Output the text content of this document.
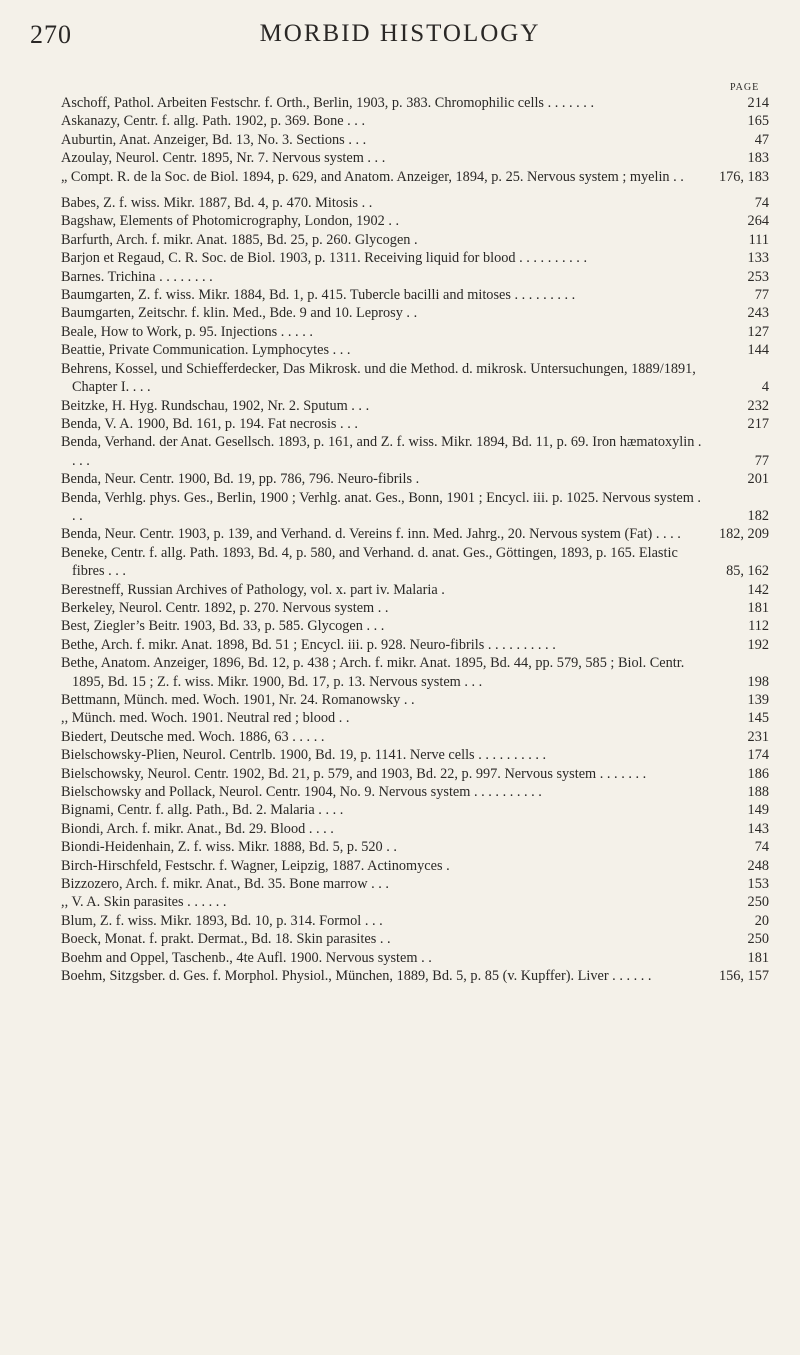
270	MORBID HISTOLOGY
PAGE
Aschoff, Pathol. Arbeiten Festschr. f. Orth., Berlin, 1903, p. 383. Chromophilic cells . . . . . . .	214
Askanazy, Centr. f. allg. Path. 1902, p. 369. Bone . . .	165
Auburtin, Anat. Anzeiger, Bd. 13, No. 3. Sections . . .	47
Azoulay, Neurol. Centr. 1895, Nr. 7. Nervous system . . .	183
„ Compt. R. de la Soc. de Biol. 1894, p. 629, and Anatom. Anzeiger, 1894, p. 25. Nervous system ; myelin . . 176, 183
Babes, Z. f. wiss. Mikr. 1887, Bd. 4, p. 470. Mitosis . .	74
Bagshaw, Elements of Photomicrography, London, 1902 . .	264
Barfurth, Arch. f. mikr. Anat. 1885, Bd. 25, p. 260. Glycogen .	111
Barjon et Regaud, C. R. Soc. de Biol. 1903, p. 1311. Receiving liquid for blood . . . . . . . . . .	133
Barnes. Trichina . . . . . . . .	253
Baumgarten, Z. f. wiss. Mikr. 1884, Bd. 1, p. 415. Tubercle bacilli and mitoses . . . . . . . . .	77
Baumgarten, Zeitschr. f. klin. Med., Bde. 9 and 10. Leprosy . .	243
Beale, How to Work, p. 95. Injections . . . . .	127
Beattie, Private Communication. Lymphocytes . . .	144
Behrens, Kossel, und Schiefferdecker, Das Mikrosk. und die Method. d. mikrosk. Untersuchungen, 1889/1891, Chapter I. . . .	4
Beitzke, H. Hyg. Rundschau, 1902, Nr. 2. Sputum . . .	232
Benda, V. A. 1900, Bd. 161, p. 194. Fat necrosis . . .	217
Benda, Verhand. der Anat. Gesellsch. 1893, p. 161, and Z. f. wiss. Mikr. 1894, Bd. 11, p. 69. Iron hæmatoxylin . . . .	77
Benda, Neur. Centr. 1900, Bd. 19, pp. 786, 796. Neuro-fibrils .	201
Benda, Verhlg. phys. Ges., Berlin, 1900 ; Verhlg. anat. Ges., Bonn, 1901 ; Encycl. iii. p. 1025. Nervous system . . .	182
Benda, Neur. Centr. 1903, p. 139, and Verhand. d. Vereins f. inn. Med. Jahrg., 20. Nervous system (Fat) . . . .	182, 209
Beneke, Centr. f. allg. Path. 1893, Bd. 4, p. 580, and Verhand. d. anat. Ges., Göttingen, 1893, p. 165. Elastic fibres . . .	85, 162
Berestneff, Russian Archives of Pathology, vol. x. part iv. Malaria .	142
Berkeley, Neurol. Centr. 1892, p. 270. Nervous system . .	181
Best, Ziegler’s Beitr. 1903, Bd. 33, p. 585. Glycogen . . .	112
Bethe, Arch. f. mikr. Anat. 1898, Bd. 51 ; Encycl. iii. p. 928. Neuro-fibrils . . . . . . . . . .	192
Bethe, Anatom. Anzeiger, 1896, Bd. 12, p. 438 ; Arch. f. mikr. Anat. 1895, Bd. 44, pp. 579, 585 ; Biol. Centr. 1895, Bd. 15 ; Z. f. wiss. Mikr. 1900, Bd. 17, p. 13. Nervous system . . .	198
Bettmann, Münch. med. Woch. 1901, Nr. 24. Romanowsky . .	139
,, Münch. med. Woch. 1901. Neutral red ; blood . .	145
Biedert, Deutsche med. Woch. 1886, 63 . . . . .	231
Bielschowsky-Plien, Neurol. Centrlb. 1900, Bd. 19, p. 1141. Nerve cells . . . . . . . . . .	174
Bielschowsky, Neurol. Centr. 1902, Bd. 21, p. 579, and 1903, Bd. 22, p. 997. Nervous system . . . . . . .	186
Bielschowsky and Pollack, Neurol. Centr. 1904, No. 9. Nervous system . . . . . . . . . .	188
Bignami, Centr. f. allg. Path., Bd. 2. Malaria . . . .	149
Biondi, Arch. f. mikr. Anat., Bd. 29. Blood . . . .	143
Biondi-Heidenhain, Z. f. wiss. Mikr. 1888, Bd. 5, p. 520 . .	74
Birch-Hirschfeld, Festschr. f. Wagner, Leipzig, 1887. Actinomyces .	248
Bizzozero, Arch. f. mikr. Anat., Bd. 35. Bone marrow . . .	153
,, V. A. Skin parasites . . . . . .	250
Blum, Z. f. wiss. Mikr. 1893, Bd. 10, p. 314. Formol . . .	20
Boeck, Monat. f. prakt. Dermat., Bd. 18. Skin parasites . .	250
Boehm and Oppel, Taschenb., 4te Aufl. 1900. Nervous system . .	181
Boehm, Sitzgsber. d. Ges. f. Morphol. Physiol., München, 1889, Bd. 5, p. 85 (v. Kupffer). Liver . . . . . .	156, 157
